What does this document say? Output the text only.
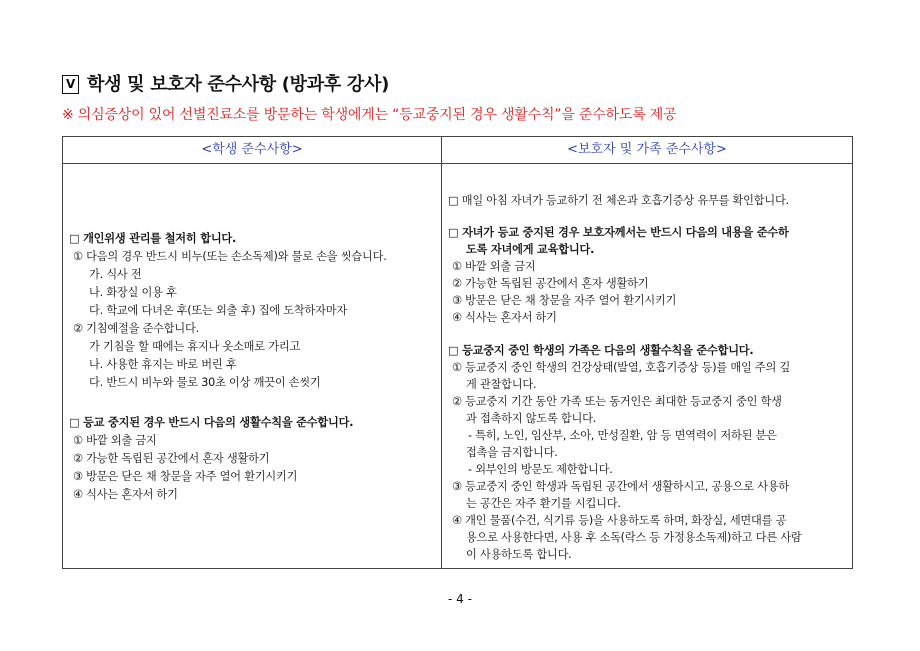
V 학생 및 보호자 준수사항 (방과후 강사)
※ 의심증상이 있어 선별진료소를 방문하는 학생에게는 “등교중지된 경우 생활수칙”을 준수하도록 제공
<학생 준수사항>
□ 개인위생 관리를 철저히 합니다.
① 다음의 경우 반드시 비누(또는 손소독제)와 물로 손을 씻습니다.
가. 식사 전
나. 화장실 이용 후
다. 학교에 다녀온 후(또는 외출 후) 집에 도착하자마자
② 기침예절을 준수합니다.
가 기침을 할 때에는 휴지나 옷소매로 가리고
나. 사용한 휴지는 바로 버린 후
다. 반드시 비누와 물로 30초 이상 깨끗이 손씻기
□ 등교 중지된 경우 반드시 다음의 생활수칙을 준수합니다.
① 바깥 외출 금지
② 가능한 독립된 공간에서 혼자 생활하기
③ 방문은 닫은 채 창문을 자주 열어 환기시키기
④ 식사는 혼자서 하기
<보호자 및 가족 준수사항>
□ 매일 아침 자녀가 등교하기 전 체온과 호흡기증상 유무를 확인합니다.
□ 자녀가 등교 중지된 경우 보호자께서는 반드시 다음의 내용을 준수하
도록 자녀에게 교육합니다.
① 바깥 외출 금지
② 가능한 독립된 공간에서 혼자 생활하기
③ 방문은 닫은 채 창문을 자주 열어 환기시키기
④ 식사는 혼자서 하기
□ 등교중지 중인 학생의 가족은 다음의 생활수칙을 준수합니다.
① 등교중지 중인 학생의 건강상태(발열, 호흡기증상 등)를 매일 주의 깊
게 관찰합니다.
② 등교중지 기간 동안 가족 또는 동거인은 최대한 등교중지 중인 학생
과 접촉하지 않도록 합니다.
- 특히, 노인, 임산부, 소아, 만성질환, 암 등 면역력이 저하된 분은
접촉을 금지합니다.
- 외부인의 방문도 제한합니다.
③ 등교중지 중인 학생과 독립된 공간에서 생활하시고, 공용으로 사용하
는 공간은 자주 환기를 시킵니다.
④ 개인 물품(수건, 식기류 등)을 사용하도록 하며, 화장실, 세면대를 공
용으로 사용한다면, 사용 후 소독(락스 등 가정용소독제)하고 다른 사람
이 사용하도록 합니다.
- 4 -
